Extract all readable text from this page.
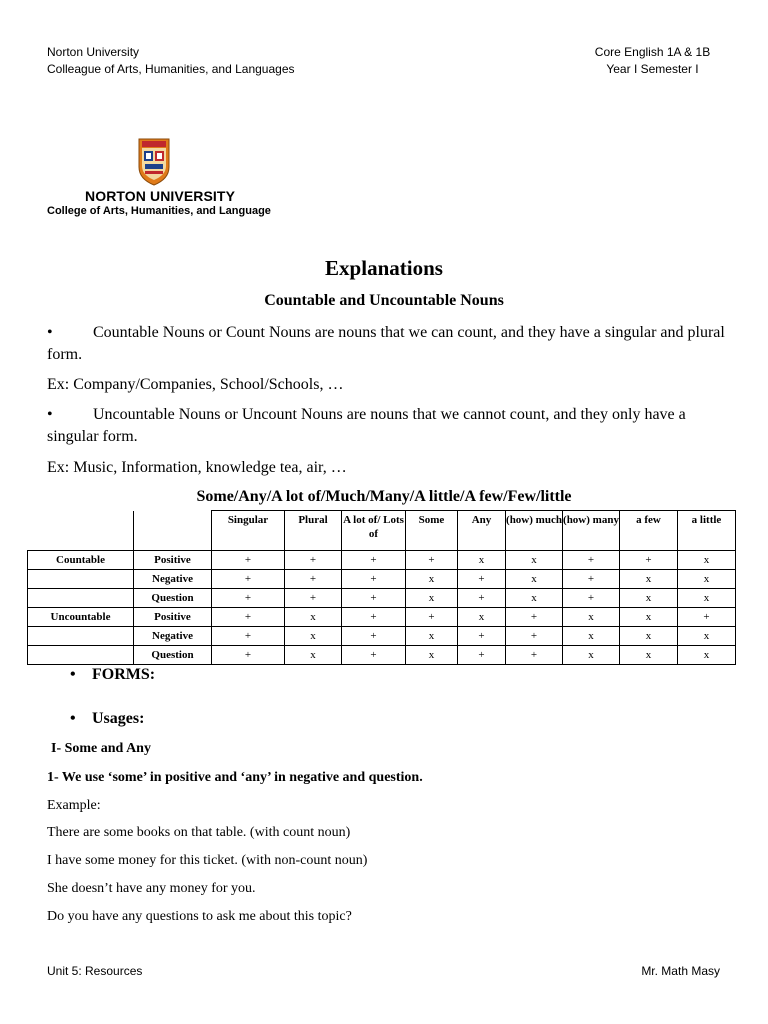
Norton University
Colleague of Arts, Humanities, and Languages
Core English 1A & 1B
Year I Semester I
NORTON UNIVERSITY
College of Arts, Humanities, and Language
Explanations
Countable and Uncountable Nouns
•	Countable Nouns or Count Nouns are nouns that we can count, and they have a singular and plural form.
Ex: Company/Companies, School/Schools, …
•	Uncountable Nouns or Uncount Nouns are nouns that we cannot count, and they only have a singular form.
Ex: Music, Information, knowledge tea, air, …
Some/Any/A lot of/Much/Many/A little/A few/Few/little
		Singular	Plural	A lot of/ Lots of	Some	Any	(how) much	(how) many	a few	a little
Countable	Positive	+	+	+	+	x	x	+	+	x
	Negative	+	+	+	x	+	x	+	x	x
	Question	+	+	+	x	+	x	+	x	x
Uncountable	Positive	+	x	+	+	x	+	x	x	+
	Negative	+	x	+	x	+	+	x	x	x
	Question	+	x	+	x	+	+	x	x	x
• FORMS:
• Usages:
I- Some and Any
1- We use ‘some’ in positive and ‘any’ in negative and question.
Example:
There are some books on that table. (with count noun)
I have some money for this ticket. (with non-count noun)
She doesn’t have any money for you.
Do you have any questions to ask me about this topic?
Unit 5: Resources	Mr. Math Masy
